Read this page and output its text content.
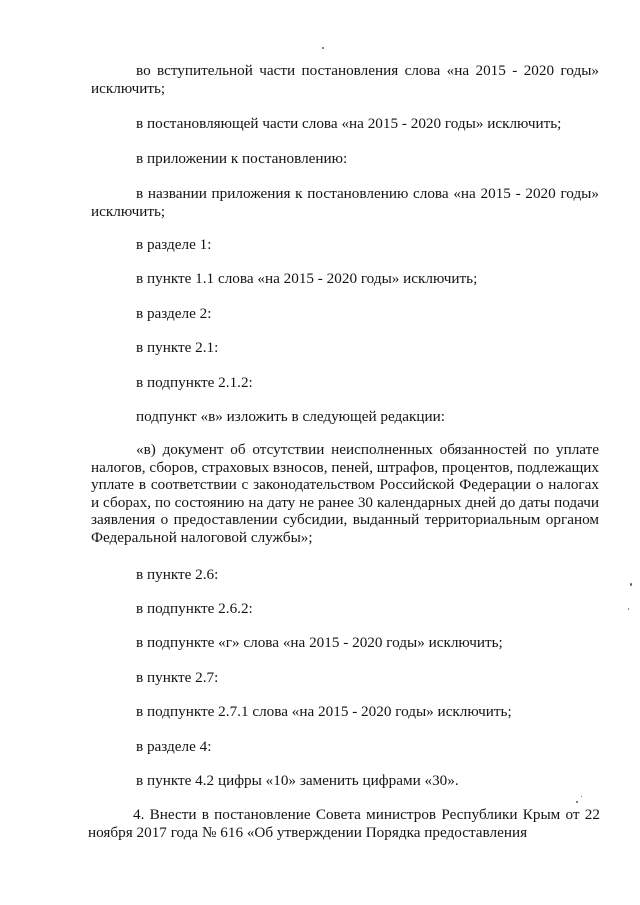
во вступительной части постановления слова «на 2015 - 2020 годы» исключить;

в постановляющей части слова «на 2015 - 2020 годы» исключить;

в приложении к постановлению:

в названии приложения к постановлению слова «на 2015 - 2020 годы» исключить;

в разделе 1:

в пункте 1.1 слова «на 2015 - 2020 годы» исключить;

в разделе 2:

в пункте 2.1:

в подпункте 2.1.2:

подпункт «в» изложить в следующей редакции:

«в) документ об отсутствии неисполненных обязанностей по уплате налогов, сборов, страховых взносов, пеней, штрафов, процентов, подлежащих уплате в соответствии с законодательством Российской Федерации о налогах и сборах, по состоянию на дату не ранее 30 календарных дней до даты подачи заявления о предоставлении субсидии, выданный территориальным органом Федеральной налоговой службы»;

в пункте 2.6:

в подпункте 2.6.2:

в подпункте «г» слова «на 2015 - 2020 годы» исключить;

в пункте 2.7:

в подпункте 2.7.1 слова «на 2015 - 2020 годы» исключить;

в разделе 4:

в пункте 4.2 цифры «10» заменить цифрами «30».

4. Внести в постановление Совета министров Республики Крым от 22 ноября 2017 года № 616 «Об утверждении Порядка предоставления
